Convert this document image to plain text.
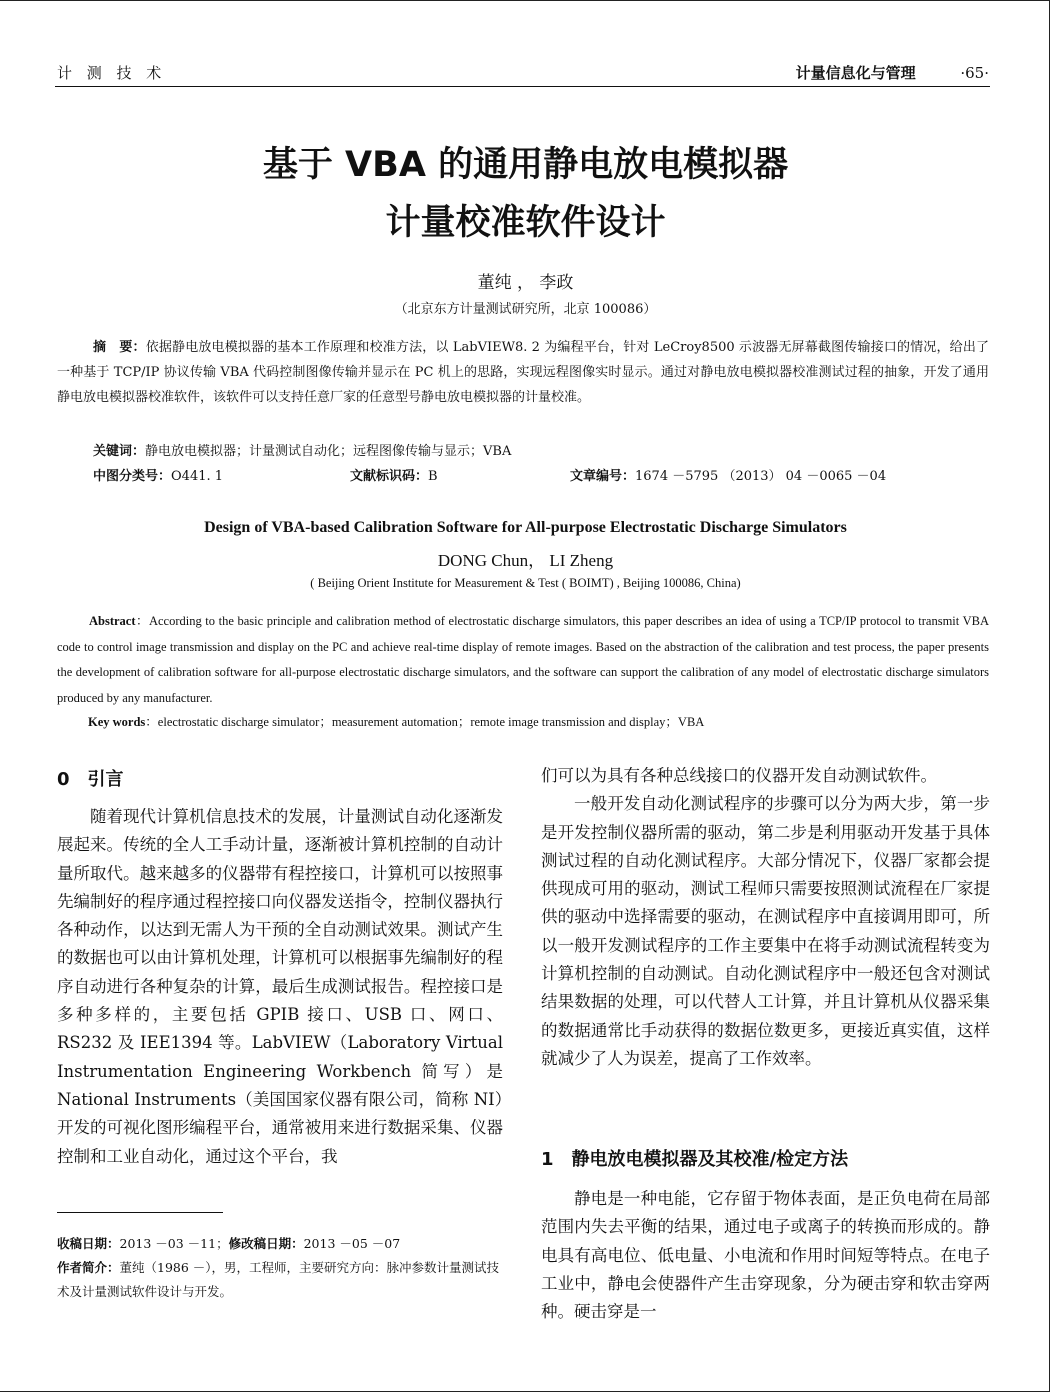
计 测 技 术	计量信息化与管理	·65·
基于 VBA 的通用静电放电模拟器
计量校准软件设计
董纯 ， 李政
（北京东方计量测试研究所，北京 100086）
摘　要：依据静电放电模拟器的基本工作原理和校准方法，以 LabVIEW8. 2 为编程平台，针对 LeCroy8500 示波器无屏幕截图传输接口的情况，给出了一种基于 TCP/IP 协议传输 VBA 代码控制图像传输并显示在 PC 机上的思路，实现远程图像实时显示。通过对静电放电模拟器校准测试过程的抽象，开发了通用静电放电模拟器校准软件，该软件可以支持任意厂家的任意型号静电放电模拟器的计量校准。
关键词：静电放电模拟器；计量测试自动化；远程图像传输与显示；VBA
中图分类号：O441. 1	文献标识码：B	文章编号：1674 －5795 （2013） 04 －0065 －04
Design of VBA-based Calibration Software for All-purpose Electrostatic Discharge Simulators
DONG Chun， LI Zheng
( Beijing Orient Institute for Measurement & Test ( BOIMT) , Beijing 100086, China)
Abstract：According to the basic principle and calibration method of electrostatic discharge simulators, this paper describes an idea of using a TCP/IP protocol to transmit VBA code to control image transmission and display on the PC and achieve real-time display of remote images. Based on the abstraction of the calibration and test process, the paper presents the development of calibration software for all-purpose electrostatic discharge simulators, and the software can support the calibration of any model of electrostatic discharge simulators produced by any manufacturer.
Key words：electrostatic discharge simulator；measurement automation；remote image transmission and display；VBA
0　引言

随着现代计算机信息技术的发展，计量测试自动化逐渐发展起来。传统的全人工手动计量，逐渐被计算机控制的自动计量所取代。越来越多的仪器带有程控接口，计算机可以按照事先编制好的程序通过程控接口向仪器发送指令，控制仪器执行各种动作，以达到无需人为干预的全自动测试效果。测试产生的数据也可以由计算机处理，计算机可以根据事先编制好的程序自动进行各种复杂的计算，最后生成测试报告。程控接口是多种多样的，主要包括 GPIB 接口、USB 口、网口、RS232 及 IEE1394 等。LabVIEW（Laboratory Virtual Instrumentation Engineering Workbench 简写）是 National Instruments（美国国家仪器有限公司，简称 NI）开发的可视化图形编程平台，通常被用来进行数据采集、仪器控制和工业自动化，通过这个平台，我

们可以为具有各种总线接口的仪器开发自动测试软件。

一般开发自动化测试程序的步骤可以分为两大步，第一步是开发控制仪器所需的驱动，第二步是利用驱动开发基于具体测试过程的自动化测试程序。大部分情况下，仪器厂家都会提供现成可用的驱动，测试工程师只需要按照测试流程在厂家提供的驱动中选择需要的驱动，在测试程序中直接调用即可，所以一般开发测试程序的工作主要集中在将手动测试流程转变为计算机控制的自动测试。自动化测试程序中一般还包含对测试结果数据的处理，可以代替人工计算，并且计算机从仪器采集的数据通常比手动获得的数据位数更多，更接近真实值，这样就减少了人为误差，提高了工作效率。

1　静电放电模拟器及其校准/检定方法

静电是一种电能，它存留于物体表面，是正负电荷在局部范围内失去平衡的结果，通过电子或离子的转换而形成的。静电具有高电位、低电量、小电流和作用时间短等特点。在电子工业中，静电会使器件产生击穿现象，分为硬击穿和软击穿两种。硬击穿是一

收稿日期：2013 －03 －11；修改稿日期：2013 －05 －07
作者简介：董纯（1986 －），男，工程师，主要研究方向：脉冲参数计量测试技术及计量测试软件设计与开发。
